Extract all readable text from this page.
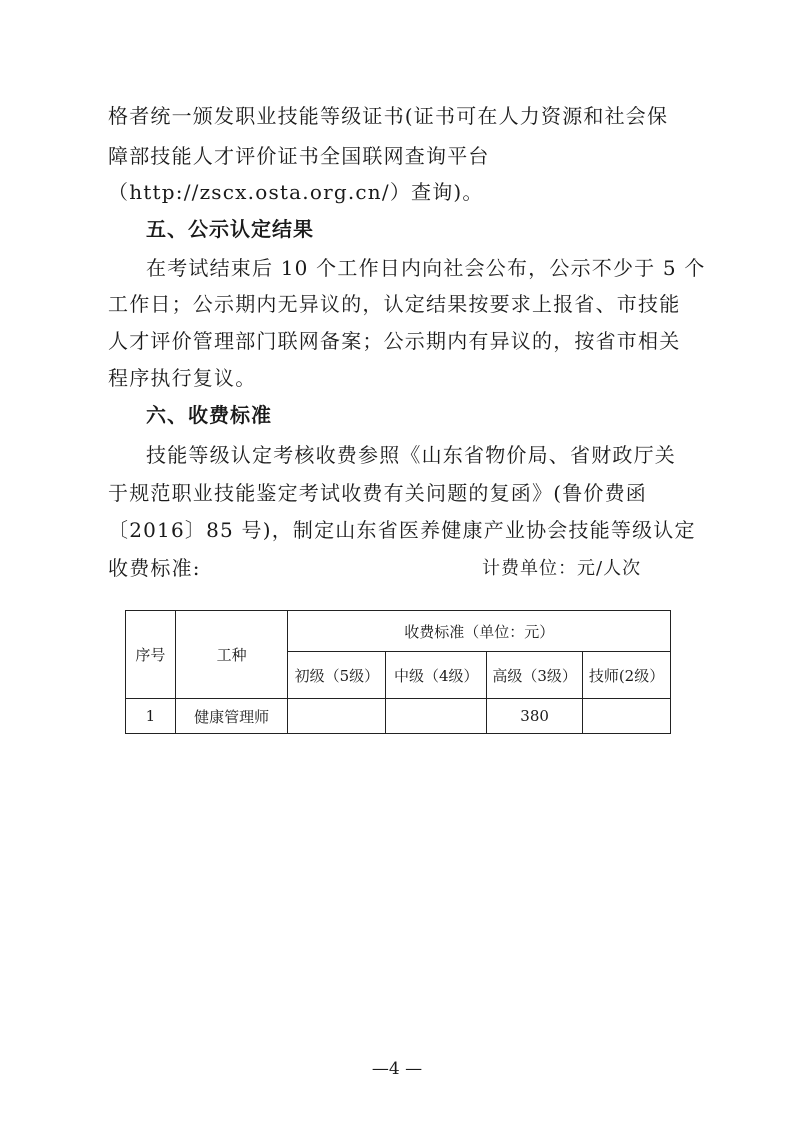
格者统一颁发职业技能等级证书(证书可在人力资源和社会保
障部技能人才评价证书全国联网查询平台
（http://zscx.osta.org.cn/）查询)。
五、公示认定结果
在考试结束后 10 个工作日内向社会公布，公示不少于 5 个
工作日；公示期内无异议的，认定结果按要求上报省、市技能
人才评价管理部门联网备案；公示期内有异议的，按省市相关
程序执行复议。
六、收费标准
技能等级认定考核收费参照《山东省物价局、省财政厅关
于规范职业技能鉴定考试收费有关问题的复函》(鲁价费函
〔2016〕85 号)，制定山东省医养健康产业协会技能等级认定
收费标准:	计费单位：元/人次
序号	工种	收费标准（单位：元）			
		初级（5级）	中级（4级）	高级（3级）	技师(2级）
1	健康管理师			380	
—4 —
